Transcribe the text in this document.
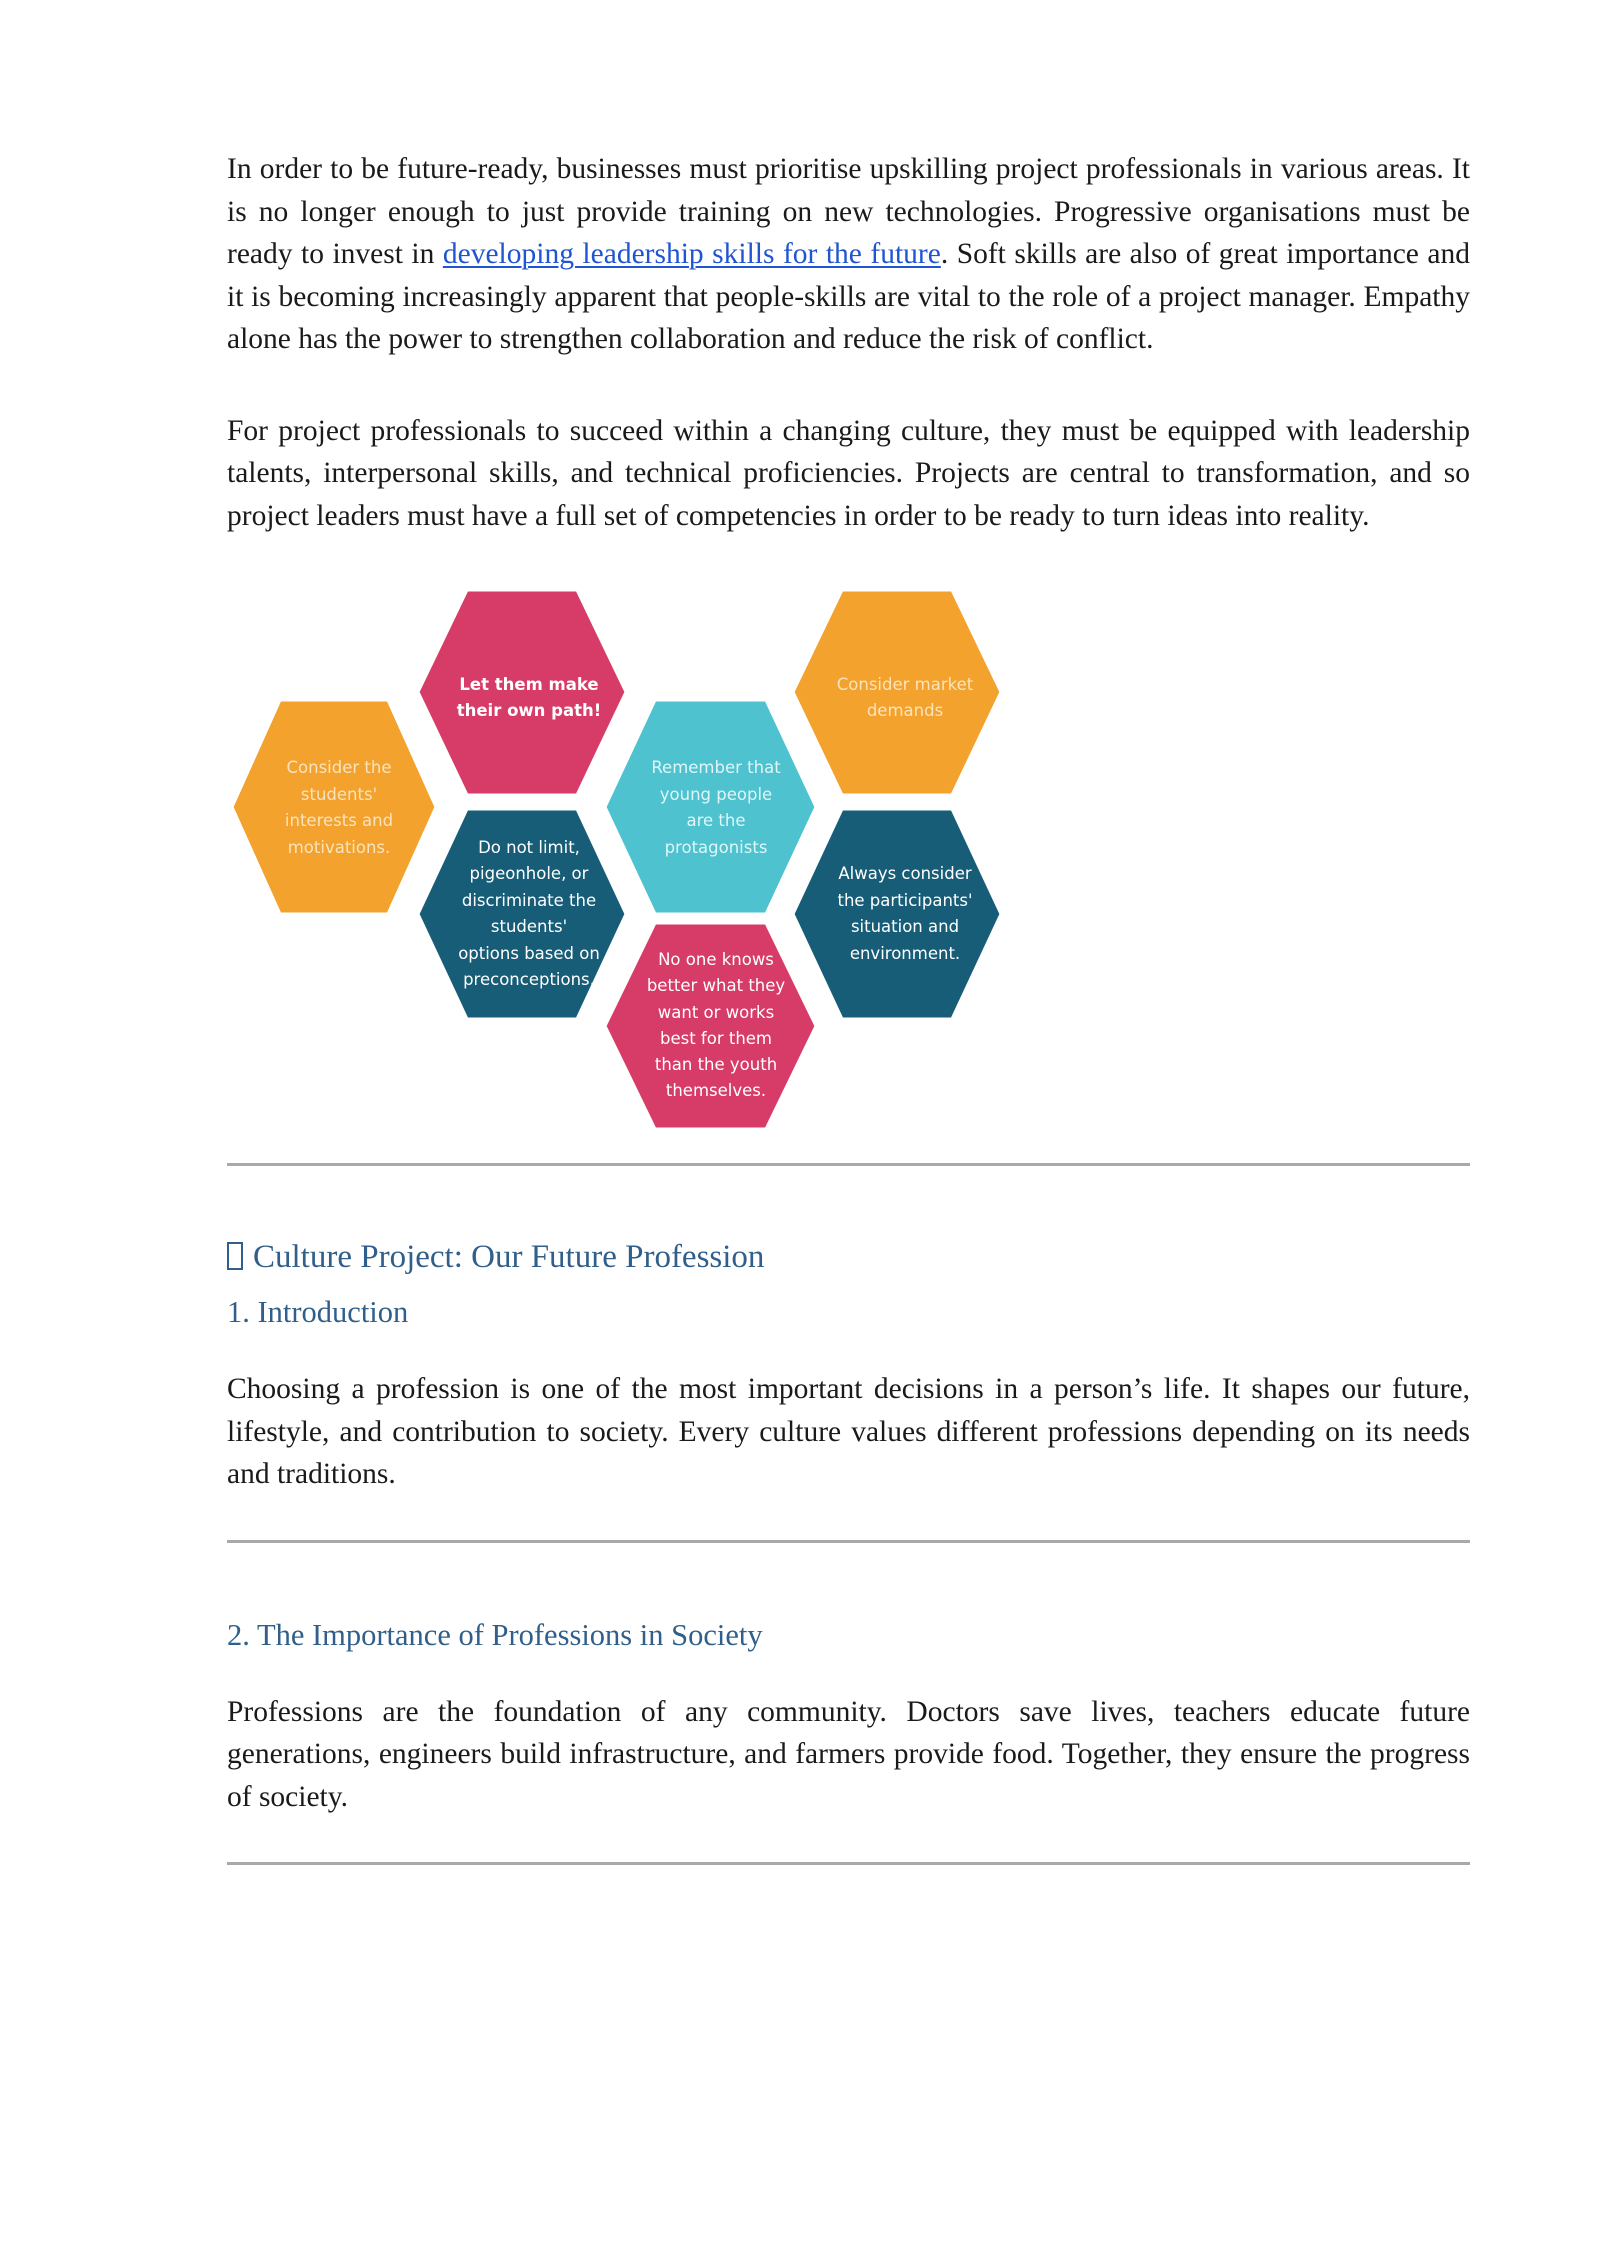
In order to be future-ready, businesses must prioritise upskilling project professionals in various areas. It is no longer enough to just provide training on new technologies. Progressive organisations must be ready to invest in developing leadership skills for the future. Soft skills are also of great importance and it is becoming increasingly apparent that people-skills are vital to the role of a project manager. Empathy alone has the power to strengthen collaboration and reduce the risk of conflict.

For project professionals to succeed within a changing culture, they must be equipped with leadership talents, interpersonal skills, and technical proficiencies. Projects are central to transformation, and so project leaders must have a full set of competencies in order to be ready to turn ideas into reality.

Consider the
students'
interests and
motivations.
Let them make
their own path!
Do not limit,
pigeonhole, or
discriminate the
students'
options based on
preconceptions.
Remember that
young people
are the
protagonists
No one knows
better what they
want or works
best for them
than the youth
themselves.
Consider market
demands
Always consider
the participants'
situation and
environment.
Culture Project: Our Future Profession
1. Introduction

Choosing a profession is one of the most important decisions in a person’s life. It shapes our future, lifestyle, and contribution to society. Every culture values different professions depending on its needs and traditions.

2. The Importance of Professions in Society

Professions are the foundation of any community. Doctors save lives, teachers educate future generations, engineers build infrastructure, and farmers provide food. Together, they ensure the progress of society.
